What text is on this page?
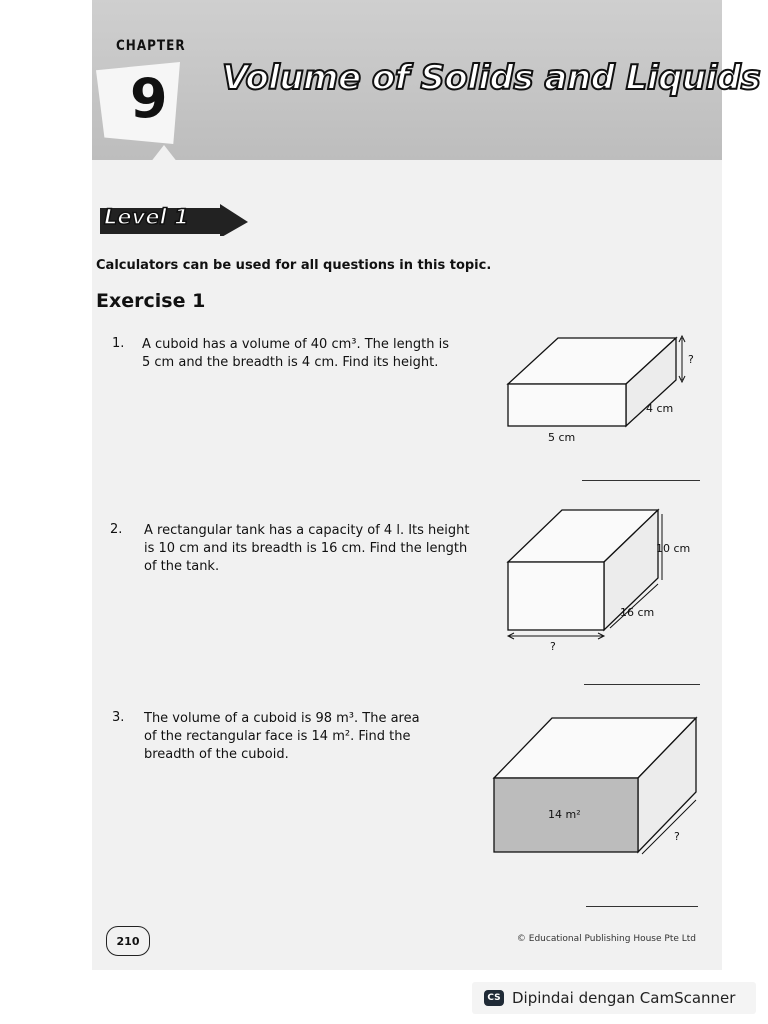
CHAPTER
9 Volume of Solids and Liquids
Level 1
Calculators can be used for all questions in this topic.
Exercise 1
1. A cuboid has a volume of 40 cm³. The length is
5 cm and the breadth is 4 cm. Find its height.	?
4 cm
5 cm
2. A rectangular tank has a capacity of 4 l. Its height
is 10 cm and its breadth is 16 cm. Find the length
of the tank.
10 cm
16 cm
?
3. The volume of a cuboid is 98 m³. The area
of the rectangular face is 14 m². Find the
breadth of the cuboid.
14 m²
?
210	© Educational Publishing House Pte Ltd
CS Dipindai dengan CamScanner
